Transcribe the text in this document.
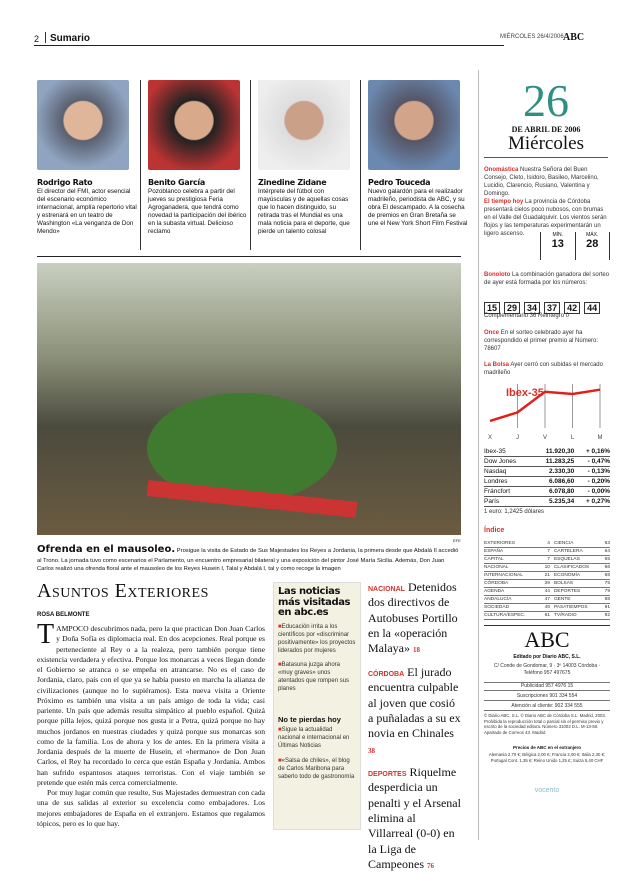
2 Sumario	MIÉRCOLES 26/4/2006 ABC
Rodrigo Rato
El director del FMI, actor esencial del escenario económico internacional, amplía repertorio vital y estrenará en un teatro de Washington «La venganza de Don Mendo»
Benito García
Pozoblanco celebra a partir del jueves su prestigiosa Feria Agroganadera, que tendrá como novedad la participación del ibérico en la subasta virtual. Delicioso reclamo
Zinedine Zidane
Intérprete del fútbol con mayúsculas y de aquellas cosas que lo hacen distinguido, su retirada tras el Mundial es una mala noticia para el deporte, que pierde un talento colosal
Pedro Touceda
Nuevo galardón para el realizador madrileño, periodista de ABC, y su obra El descampado. A la cosecha de premios en Gran Bretaña se une el New York Short Film Festival
EFE
Ofrenda en el mausoleo. Prosigue la visita de Estado de Sus Majestades los Reyes a Jordania, la primera desde que Abdalá II accedió al Trono. La jornada tuvo como escenarios el Parlamento, un encuentro empresarial bilateral y una exposición del pintor José María Sicilia. Además, Don Juan Carlos realizó una ofrenda floral ante el mausoleo de los Reyes Husein I, Talal y Abdalá I, tal y como recoge la imagen
Asuntos Exteriores
ROSA BELMONTE

TAMPOCO descubrimos nada, pero la que practican Don Juan Carlos y Doña Sofía es diplomacia real. En dos acepciones. Real porque es perteneciente al Rey o a la realeza, pero también porque tiene existencia verdadera y efectiva. Porque los monarcas a veces llegan donde el Gobierno se atranca o se empeña en atrancarse. No es el caso de Jordania, claro, país con el que ya se había puesto en marcha la alianza de civilizaciones (aunque no lo supiéramos). Esta nueva visita a Oriente Próximo es también una visita a un país amigo de toda la vida; casi pariente. Un país que además resulta simpático al pueblo español. Quizá porque pilla lejos, quizá porque nos gusta ir a Petra, quizá porque no hay muchos jordanos en nuestras ciudades y quizá porque sus monarcas son como de la familia. Los de ahora y los de antes. En la primera visita a Jordania después de la muerte de Husein, el «hermano» de Don Juan Carlos, el Rey ha recordado lo cerca que están España y Jordania. Ambos han sufrido espantosos ataques terroristas. Con el viaje también se pretende que estén más cerca comercialmente.

Por muy lugar común que resulte, Sus Majestades demuestran con cada una de sus salidas al exterior su excelencia como embajadores. Los mejores embajadores de España en el extranjero. Estamos que regalamos tópicos, pero es lo que hay.

Las noticias más visitadas en abc.es
■Educación irrita a los científicos por «discriminar positivamente» los proyectos liderados por mujeres
■Batasuna juzga ahora «muy graves» unos atentados que rompen sus planes
No te pierdas hoy
■Sigue la actualidad nacional e internacional en Últimas Noticias
■«Salsa de chiles», el blog de Carlos Maribona para saberlo todo de gastronomía
NACIONAL Detenidos dos directivos de Autobuses Portillo en la «operación Malaya» 18
CÓRDOBA El jurado encuentra culpable al joven que cosió a puñaladas a su ex novia en Chinales 38
DEPORTES Riquelme desperdicia un penalti y el Arsenal elimina al Villarreal (0-0) en la Liga de Campeones 76
26
DE ABRIL DE 2006
Miércoles
Onomástica Nuestra Señora del Buen Consejo, Cleto, Isidoro, Basileo, Marcelino, Lucidio, Clarencio, Rusiano, Valentina y Domingo.
El tiempo hoy La provincia de Córdoba presentará cielos poco nubosos, con brumas en el Valle del Guadalquivir. Los vientos serán flojos y las temperaturas experimentarán un ligero ascenso.	MÍN.
13
MÁX.
28
Bonoloto La combinación ganadora del sorteo de ayer está formada por los números:
15 29 34 37 42 44
Complementario 36 Reintegro 0
Once En el sorteo celebrado ayer ha correspondido el primer premio al Número: 78607
La Bolsa Ayer cerró con subidas el mercado madrileño
Ibex-35
X	J	V	L	M
Ibex-35	11.920,30	+ 0,16%
Dow Jones	11.283,25	- 0,47%
Nasdaq	2.330,30	- 0,13%
Londres	6.086,60	- 0,20%
Fráncfort	6.078,80	- 0,00%
París	5.235,34	+ 0,27%
1 euro: 1,2425 dólares
Índice
EXTERIORES	4	CIENCIA	63
ESPAÑA	7	CARTELERA	64
CAPITAL	7	ESQUELAS	65
NACIONAL	10	CLASIFICADOS	66
INTERNACIONAL	21	ECONOMÍA	68
CÓRDOBA	29	BOLSAS	75
AGENDA	44	DEPORTES	79
ANDALUCÍA	47	GENTE	88
SOCIEDAD	49	PASATIEMPOS	91
CULTURA/ESPEC.	61	TV/RADIO	92
ABC
Editado por Diario ABC, S.L.
C/ Conde de Gondomar, 9 · 3º 14003 Córdoba · Teléfono 957 497675
Publicidad 957 4976 15
Suscripciones 901 334 554
Atención al cliente: 902 334 555
© Diario ABC, S.L. © Diario ABC de Córdoba S.L. Madrid, 2003. Prohibida la reproducción total o parcial sin el permiso previo y escrito de la sociedad editora. Número 31002 D.L. M-13-58. Apartado de Correos 43. Madrid
Precios de ABC en el extranjero
Alemania 2,70 €; Bélgica 2,00 €; Francia 2,00 €; Italia 2,30 €; Portugal Cont. 1,35 €; Reino Unido 1,25 £; Suiza 5,40 CHF
vocento
